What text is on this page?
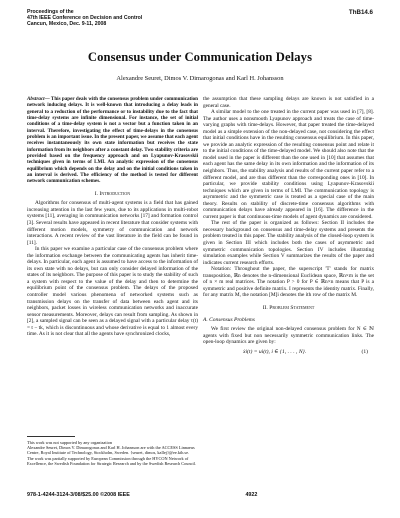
Proceedings of the
47th IEEE Conference on Decision and Control
Cancun, Mexico, Dec. 9-11, 2008
ThB14.6
Consensus under Communication Delays
Alexandre Seuret, Dimos V. Dimarogonas and Karl H. Johansson
Abstract— This paper deals with the consensus problem under communication network inducing delays. It is well-known that introducing a delay leads in general to a reduction of the performance or to instability due to the fact that time-delay systems are infinite dimensional. For instance, the set of initial conditions of a time-delay system is not a vector but a function taken in an interval. Therefore, investigating the effect of time-delays in the consensus problem is an important issue. In the present paper, we assume that each agent receives instantaneously its own state information but receives the state information from its neighbors after a constant delay. Two stability criteria are provided based on the frequency approach and on Lyapunov-Krasovskii techniques given in terms of LMI. An analytic expression of the consensus equilibrium which depends on the delay and on the initial conditions taken in an interval is derived. The efficiency of the method is tested for different network communication schemes.
I. Introduction

Algorithms for consensus of multi-agent systems is a field that has gained increasing attention in the last few years, due to its applications in multi-robot systems [11], averaging in communication networks [17] and formation control [3]. Several results have appeared in recent literature that consider systems with different motion models, symmetry of communication and network interactions. A recent review of the vast literature in the field can be found in [11].

In this paper we examine a particular case of the consensus problem where the information exchange between the communicating agents has inherit time-delays. In particular, each agent is assumed to have access to the information of its own state with no delays, but can only consider delayed information of the states of its neighbors. The purpose of this paper is to study the stability of such a system with respect to the value of the delay and then to determine the equilibrium point of the consensus problem. The delays of the proposed controller model various phenomena of networked systems such as transmission delays on the transfer of data between each agent and its neighbors, packet losses in wireless communication networks and inaccurate sensor measurements. Moreover, delays can result from sampling. As shown in [2], a sampled signal can be seen as a delayed signal with a particular delay τ(t) = t − tk, which is discontinuous and whose derivative is equal to 1 almost every time. As it is not clear that all the agents have synchronized clocks,

This work was not supported by any organization
Alexandre Seuret, Dimos V. Dimarogonas and Karl H. Johansson are with the ACCESS Linnaeus Centre, Royal Institute of Technology, Stockholm, Sweden. {seuret, dimos, kallej}@ee.kth.se.
The work was partially supported by European Commission through the HYCON Network of Excellence, the Swedish Foundation for Strategic Research and by the Swedish Research Council.

the assumption that these sampling delays are known is not satisfied in a general case.

A similar model to the one treated in the current paper was used in [7], [8]. The author uses a nonsmooth Lyapunov approach and treats the case of time-varying graphs with time-delays. However, that paper treated the time-delayed model as a simple extension of the non-delayed case, not considering the effect that initial conditions have in the resulting consensus equilibrium. In this paper, we provide an analytic expression of the resulting consensus point and relate it to the initial conditions of the time-delayed model. We should also note that the model used in the paper is different than the one used in [10] that assumes that each agent has the same delay in its own information and the information of its neighbors. Thus, the stability analysis and results of the current paper refer to a different model, and are thus different than the corresponding ones in [10]. In particular, we provide stability conditions using Lyapunov-Krasovskii techniques which are given in terms of LMI. The communication topology is asymmetric and the symmetric case is treated as a special case of the main theory. Results on stability of discrete-time consensus algorithms with communication delays have already appeared in [16]. The difference in the current paper is that continuous-time models of agent dynamics are considered.

The rest of the paper is organized as follows: Section II includes the necessary background on consensus and time-delay systems and presents the problem treated in this paper. The stability analysis of the closed-loop system is given in Section III which includes both the cases of asymmetric and symmetric communication topologies. Section IV includes illustrating simulation examples while Section V summarizes the results of the paper and indicates current research efforts.

Notation: Throughout the paper, the superscript 'T' stands for matrix transposition, ℝn denotes the n-dimensional Euclidean space, ℝn×m is the set of n × m real matrices. The notation P > 0 for P ∈ ℝn×n means that P is a symmetric and positive definite matrix. I represents the identity matrix. Finally, for any matrix M, the notation [M]i denotes the ith row of the matrix M.

II. Problem Statement
A. Consensus Problems

We first review the original non-delayed consensus problem for N ∈ ℕ agents with fixed but non necessarily symmetric communication links. The open-loop dynamics are given by:

ẋi(t) = ui(t), i ∈ {1, . . . , N}.	(1)
978-1-4244-3124-3/08/$25.00 ©2008 IEEE	4922
